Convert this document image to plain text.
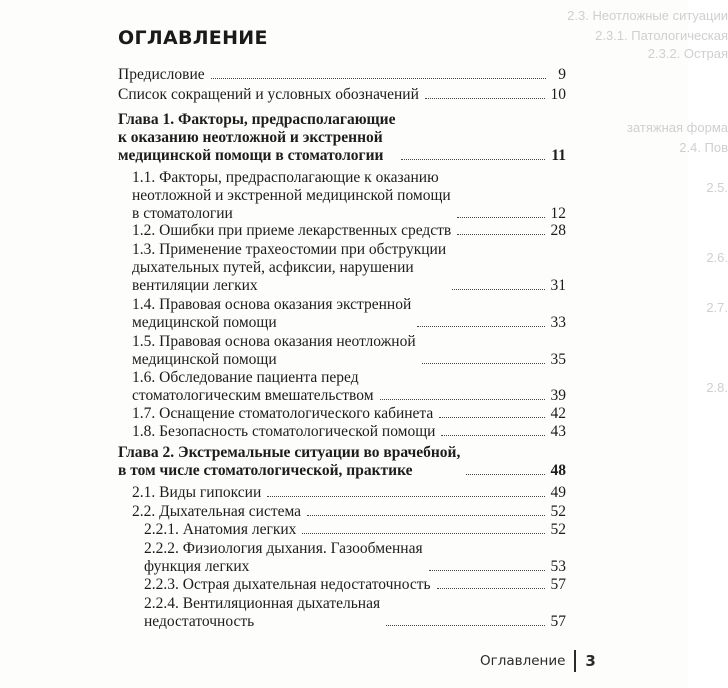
2.3. Неотложные ситуации
2.3.1. Патологическая
2.3.2. Острая
затяжная форма
2.4. Пов
2.5.
2.6.
2.7.
2.8.
ОГЛАВЛЕНИЕ
Предисловие	9
Список сокращений и условных обозначений	10
Глава 1. Факторы, предрасполагающие
к оказанию неотложной и экстренной
медицинской помощи в стоматологии	11
1.1. Факторы, предрасполагающие к оказанию
неотложной и экстренной медицинской помощи
в стоматологии	12
1.2. Ошибки при приеме лекарственных средств	28
1.3. Применение трахеостомии при обструкции
дыхательных путей, асфиксии, нарушении
вентиляции легких	31
1.4. Правовая основа оказания экстренной
медицинской помощи	33
1.5. Правовая основа оказания неотложной
медицинской помощи	35
1.6. Обследование пациента перед
стоматологическим вмешательством	39
1.7. Оснащение стоматологического кабинета	42
1.8. Безопасность стоматологической помощи	43
Глава 2. Экстремальные ситуации во врачебной,
в том числе стоматологической, практике	48
2.1. Виды гипоксии	49
2.2. Дыхательная система	52
2.2.1. Анатомия легких	52
2.2.2. Физиология дыхания. Газообменная
функция легких	53
2.2.3. Острая дыхательная недостаточность	57
2.2.4. Вентиляционная дыхательная
недостаточность	57
Оглавление 3
